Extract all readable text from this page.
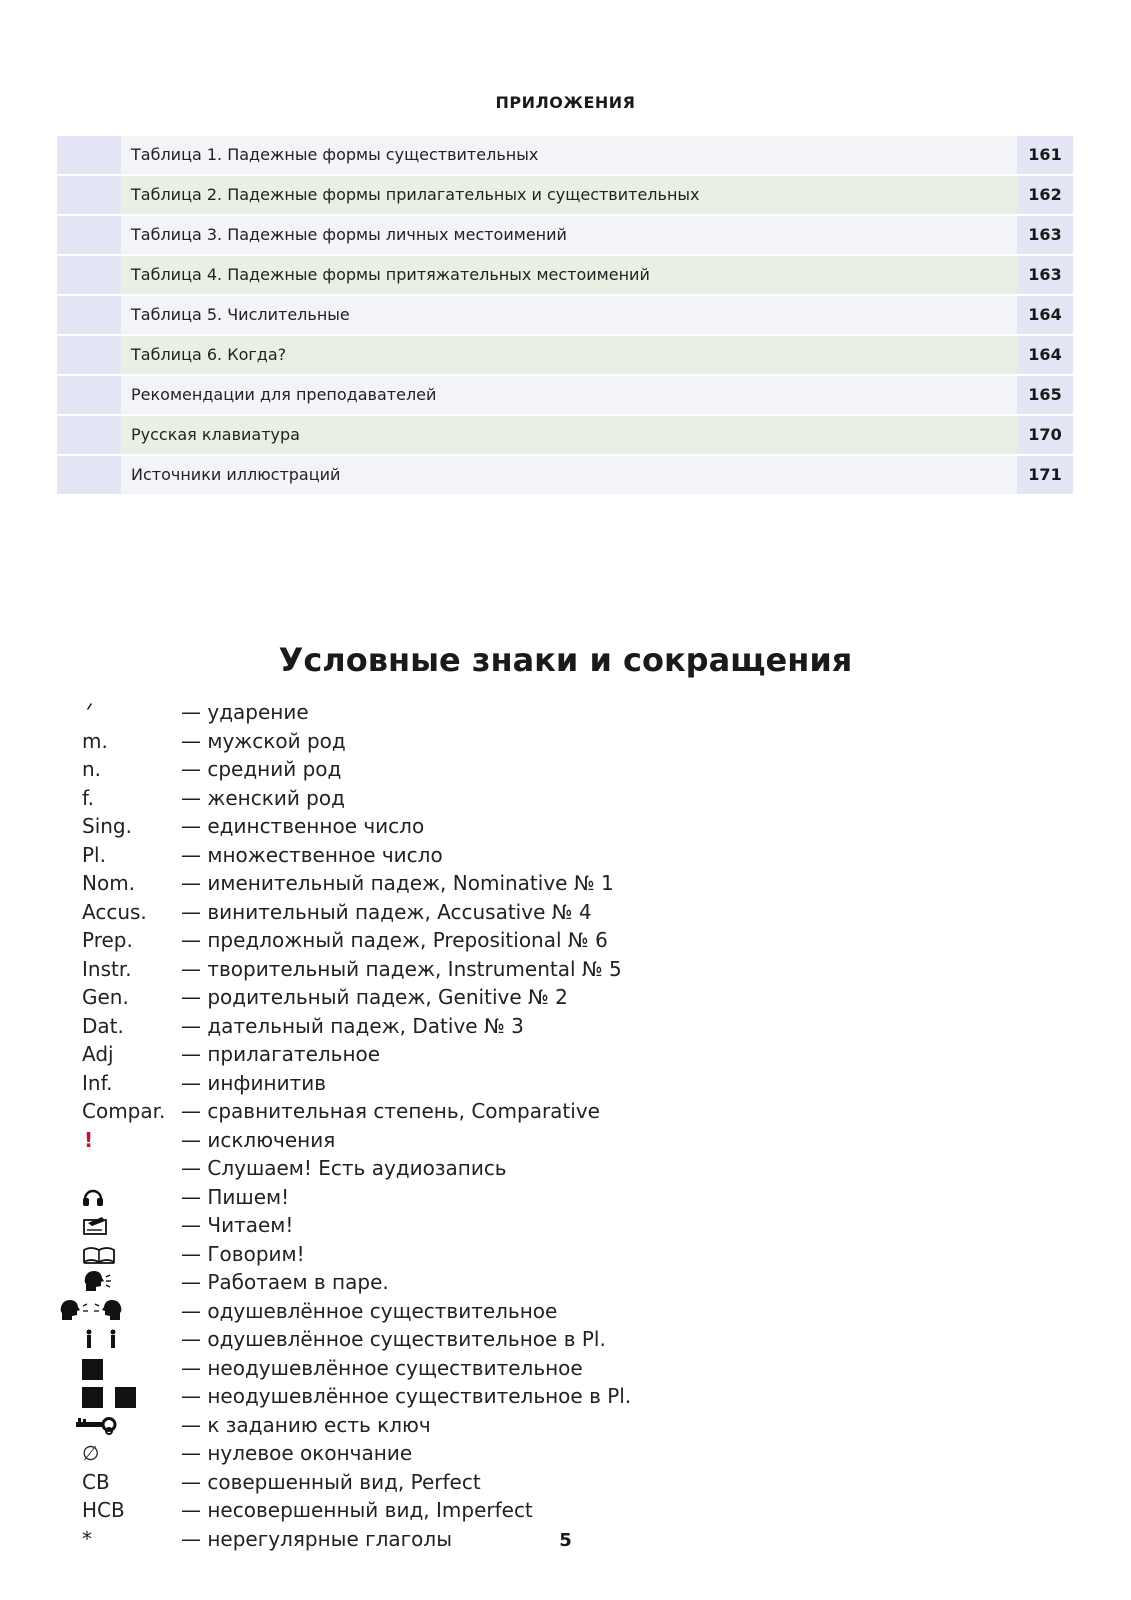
ПРИЛОЖЕНИЯ
Таблица 1. Падежные формы существительных	161
Таблица 2. Падежные формы прилагательных и существительных	162
Таблица 3. Падежные формы личных местоимений	163
Таблица 4. Падежные формы притяжательных местоимений	163
Таблица 5. Числительные	164
Таблица 6. Когда?	164
Рекомендации для преподавателей	165
Русская клавиатура	170
Источники иллюстраций	171
Условные знаки и сокращения
— ударение
m.	— мужской род
n.	— средний род
f.	— женский род
Sing.	— единственное число
Pl.	— множественное число
Nom.	— именительный падеж, Nominative № 1
Accus.	— винительный падеж, Accusative № 4
Prep.	— предложный падеж, Prepositional № 6
Instr.	— творительный падеж, Instrumental № 5
Gen.	— родительный падеж, Genitive № 2
Dat.	— дательный падеж, Dative № 3
Adj	— прилагательное
Inf.	— инфинитив
Compar. — сравнительная степень, Comparative
!	— исключения
— Слушаем! Есть аудиозапись
— Пишем!
— Читаем!
— Говорим!
— Работаем в паре.
— одушевлённое существительное
— одушевлённое существительное в Pl.
— неодушевлённое существительное
— неодушевлённое существительное в Pl.
— к заданию есть ключ
∅	— нулевое окончание
СВ	— совершенный вид, Perfect
НСВ	— несовершенный вид, Imperfect
*	— нерегулярные глаголы	5
